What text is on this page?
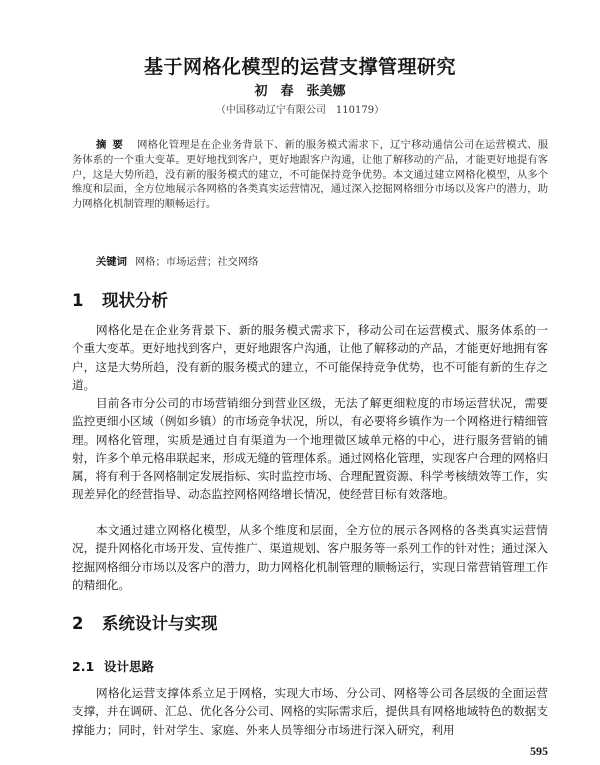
基于网格化模型的运营支撑管理研究
初　春　张美娜
（中国移动辽宁有限公司　110179）
摘要 网格化管理是在企业务背景下、新的服务模式需求下，辽宁移动通信公司在运营模式、服务体系的一个重大变革。更好地找到客户，更好地跟客户沟通，让他了解移动的产品，才能更好地提有客户，这是大势所趋，没有新的服务模式的建立，不可能保持竞争优势。本文通过建立网格化模型，从多个维度和层面，全方位地展示各网格的各类真实运营情况，通过深入挖掘网格细分市场以及客户的潜力，助力网格化机制管理的顺畅运行。
关键词 网格；市场运营；社交网络
1 现状分析
网格化是在企业务背景下、新的服务模式需求下，移动公司在运营模式、服务体系的一个重大变革。更好地找到客户，更好地跟客户沟通，让他了解移动的产品，才能更好地拥有客户，这是大势所趋，没有新的服务模式的建立，不可能保持竞争优势，也不可能有新的生存之道。
目前各市分公司的市场营销细分到营业区级，无法了解更细粒度的市场运营状况，需要监控更细小区域（例如乡镇）的市场竞争状况，所以，有必要将乡镇作为一个网格进行精细管理。网格化管理，实质是通过自有渠道为一个地理微区域单元格的中心，进行服务营销的铺射，许多个单元格串联起来，形成无缝的管理体系。通过网格化管理，实现客户合理的网格归属，将有利于各网格制定发展指标、实时监控市场、合理配置资源、科学考核绩效等工作，实现差异化的经营指导、动态监控网格网络增长情况，使经营目标有效落地。
本文通过建立网格化模型，从多个维度和层面，全方位的展示各网格的各类真实运营情况，提升网格化市场开发、宣传推广、渠道规划、客户服务等一系列工作的针对性；通过深入挖掘网格细分市场以及客户的潜力，助力网格化机制管理的顺畅运行，实现日常营销管理工作的精细化。
2 系统设计与实现
2.1 设计思路
网格化运营支撑体系立足于网格，实现大市场、分公司、网格等公司各层级的全面运营支撑，并在调研、汇总、优化各分公司、网格的实际需求后，提供具有网格地域特色的数据支撑能力；同时，针对学生、家庭、外来人员等细分市场进行深入研究，利用
595
